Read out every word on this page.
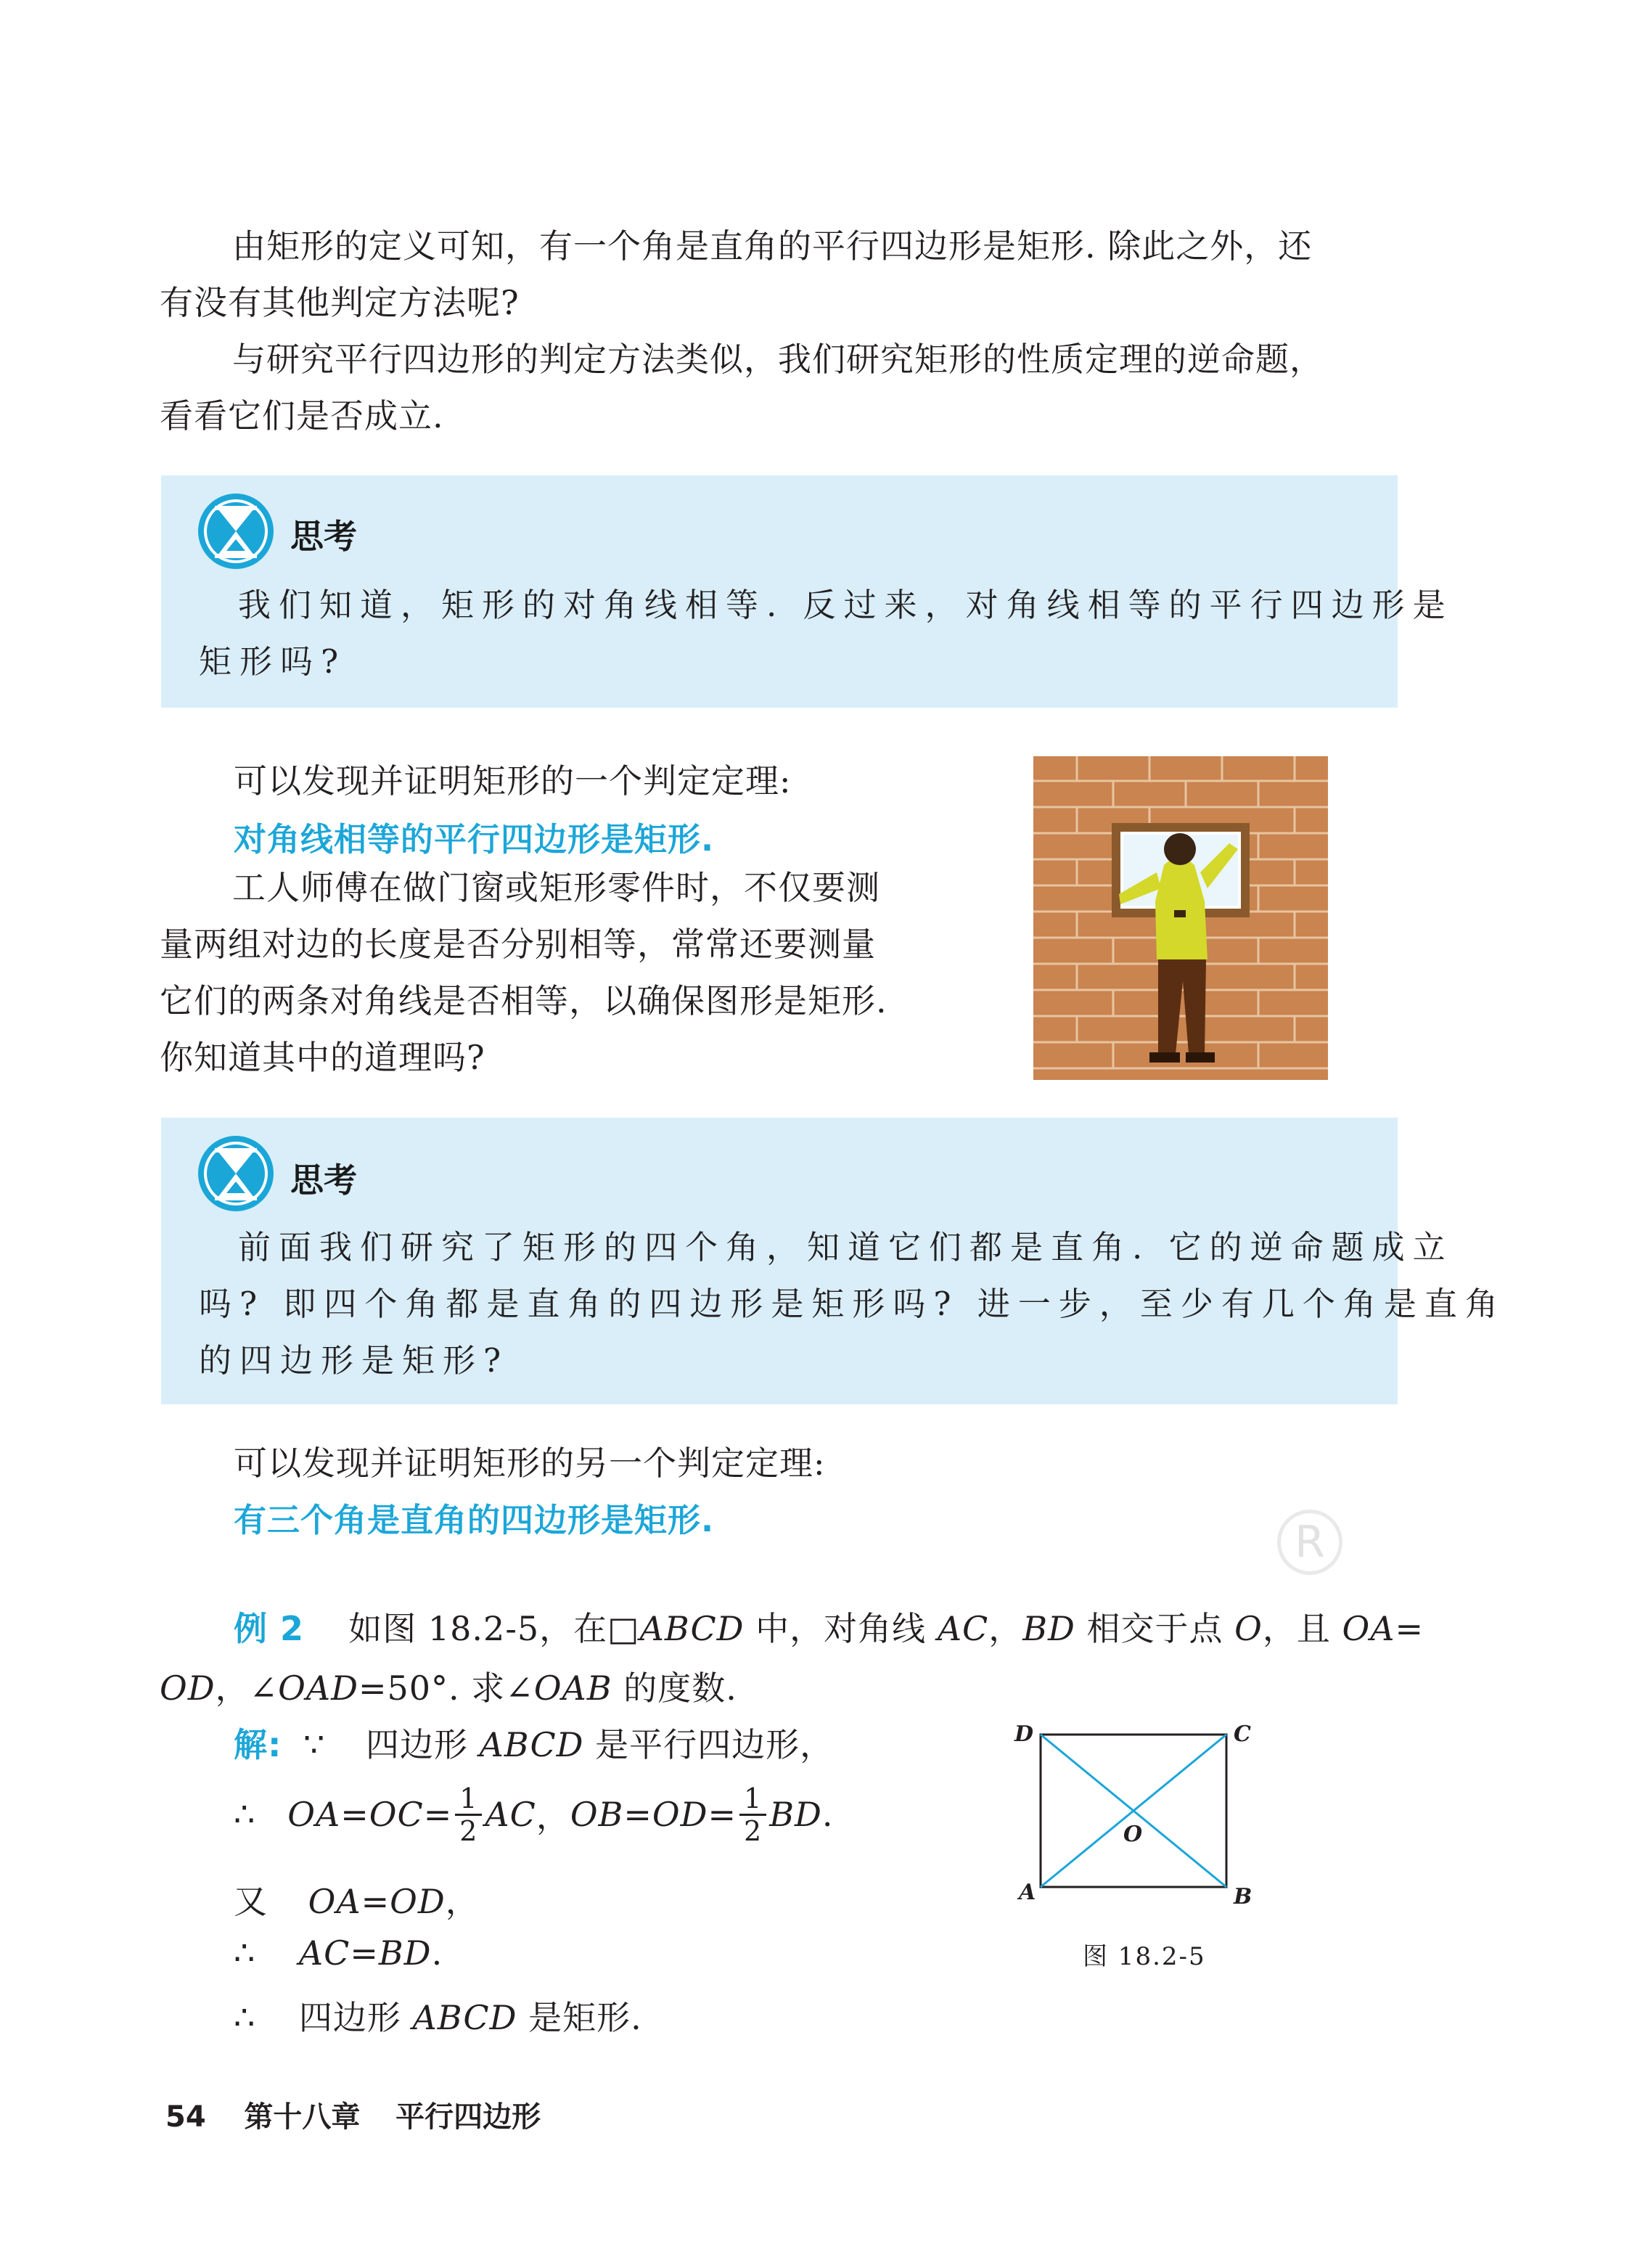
由矩形的定义可知，有一个角是直角的平行四边形是矩形. 除此之外，还
有没有其他判定方法呢?
与研究平行四边形的判定方法类似，我们研究矩形的性质定理的逆命题，
看看它们是否成立.
思考
我们知道，矩形的对角线相等. 反过来，对角线相等的平行四边形是
矩形吗?
可以发现并证明矩形的一个判定定理:
对角线相等的平行四边形是矩形.
工人师傅在做门窗或矩形零件时，不仅要测
量两组对边的长度是否分别相等，常常还要测量
它们的两条对角线是否相等，以确保图形是矩形.
你知道其中的道理吗?
思考
前面我们研究了矩形的四个角，知道它们都是直角. 它的逆命题成立
吗? 即四个角都是直角的四边形是矩形吗? 进一步，至少有几个角是直角
的四边形是矩形?
可以发现并证明矩形的另一个判定定理:
有三个角是直角的四边形是矩形.	R
例 2 如图 18.2-5，在□ABCD 中，对角线 AC，BD 相交于点 O，且 OA=
OD，∠OAD=50°. 求∠OAB 的度数.
解: ∵ 四边形 ABCD 是平行四边形，
∴ OA = OC = $\frac{1}{2}$ AC ， OB = OD = $\frac{1}{2}$ BD .
又 OA=OD，
∴ AC=BD.
∴ 四边形 ABCD 是矩形.
D	C
A	B
O
图 18.2-5
54 第十八章 平行四边形
